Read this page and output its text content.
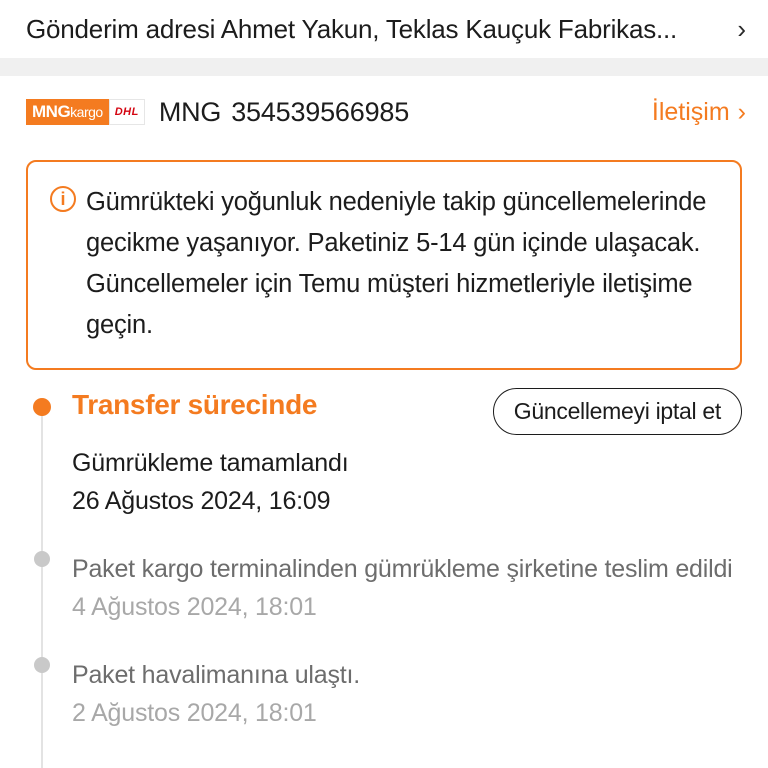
Gönderim adresi Ahmet Yakun, Teklas Kauçuk Fabrikas...	›
MNG kargo	DHL MNG 354539566985	İletişim ›
i Gümrükteki yoğunluk nedeniyle takip güncellemelerinde gecikme yaşanıyor. Paketiniz 5-14 gün içinde ulaşacak. Güncellemeler için Temu müşteri hizmetleriyle iletişime geçin.
Transfer sürecinde	Güncellemeyi iptal et
Gümrükleme tamamlandı
26 Ağustos 2024, 16:09
Paket kargo terminalinden gümrükleme şirketine teslim edildi
4 Ağustos 2024, 18:01
Paket havalimanına ulaştı.
2 Ağustos 2024, 18:01
